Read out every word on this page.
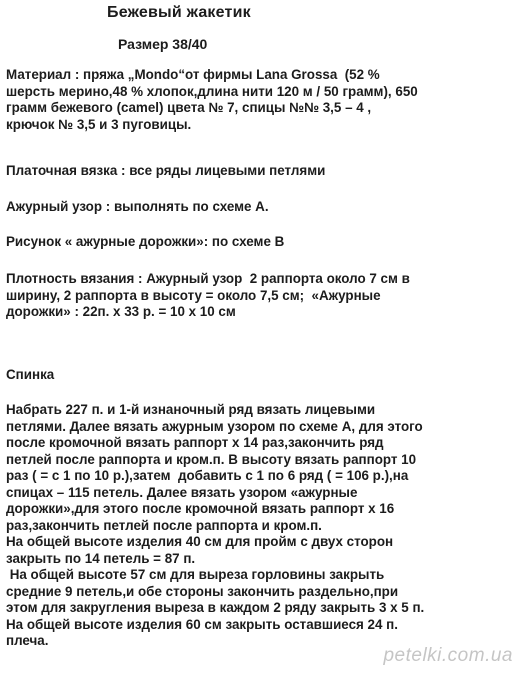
Бежевый жакетик
Размер 38/40
Материал : пряжа „Mondo“от фирмы Lana Grossa  (52 %
шерсть мерино,48 % хлопок,длина нити 120 м / 50 грамм), 650
грамм бежевого (camel) цвета № 7, спицы №№ 3,5 – 4 ,
крючок № 3,5 и 3 пуговицы.
Платочная вязка : все ряды лицевыми петлями
Ажурный узор : выполнять по схеме А.
Рисунок « ажурные дорожки»: по схеме В
Плотность вязания : Ажурный узор  2 раппорта около 7 см в
ширину, 2 раппорта в высоту = около 7,5 см;  «Ажурные
дорожки» : 22п. х 33 р. = 10 х 10 см
Спинка
Набрать 227 п. и 1-й изнаночный ряд вязать лицевыми
петлями. Далее вязать ажурным узором по схеме А, для этого
после кромочной вязать раппорт х 14 раз,закончить ряд
петлей после раппорта и кром.п. В высоту вязать раппорт 10
раз ( = с 1 по 10 р.),затем  добавить с 1 по 6 ряд ( = 106 р.),на
спицах – 115 петель. Далее вязать узором «ажурные
дорожки»,для этого после кромочной вязать раппорт х 16
раз,закончить петлей после раппорта и кром.п.
На общей высоте изделия 40 см для пройм с двух сторон
закрыть по 14 петель = 87 п.
На общей высоте 57 см для выреза горловины закрыть
средние 9 петель,и обе стороны закончить раздельно,при
этом для закругления выреза в каждом 2 ряду закрыть 3 х 5 п.
На общей высоте изделия 60 см закрыть оставшиеся 24 п.
плеча.
petelki.com.ua
